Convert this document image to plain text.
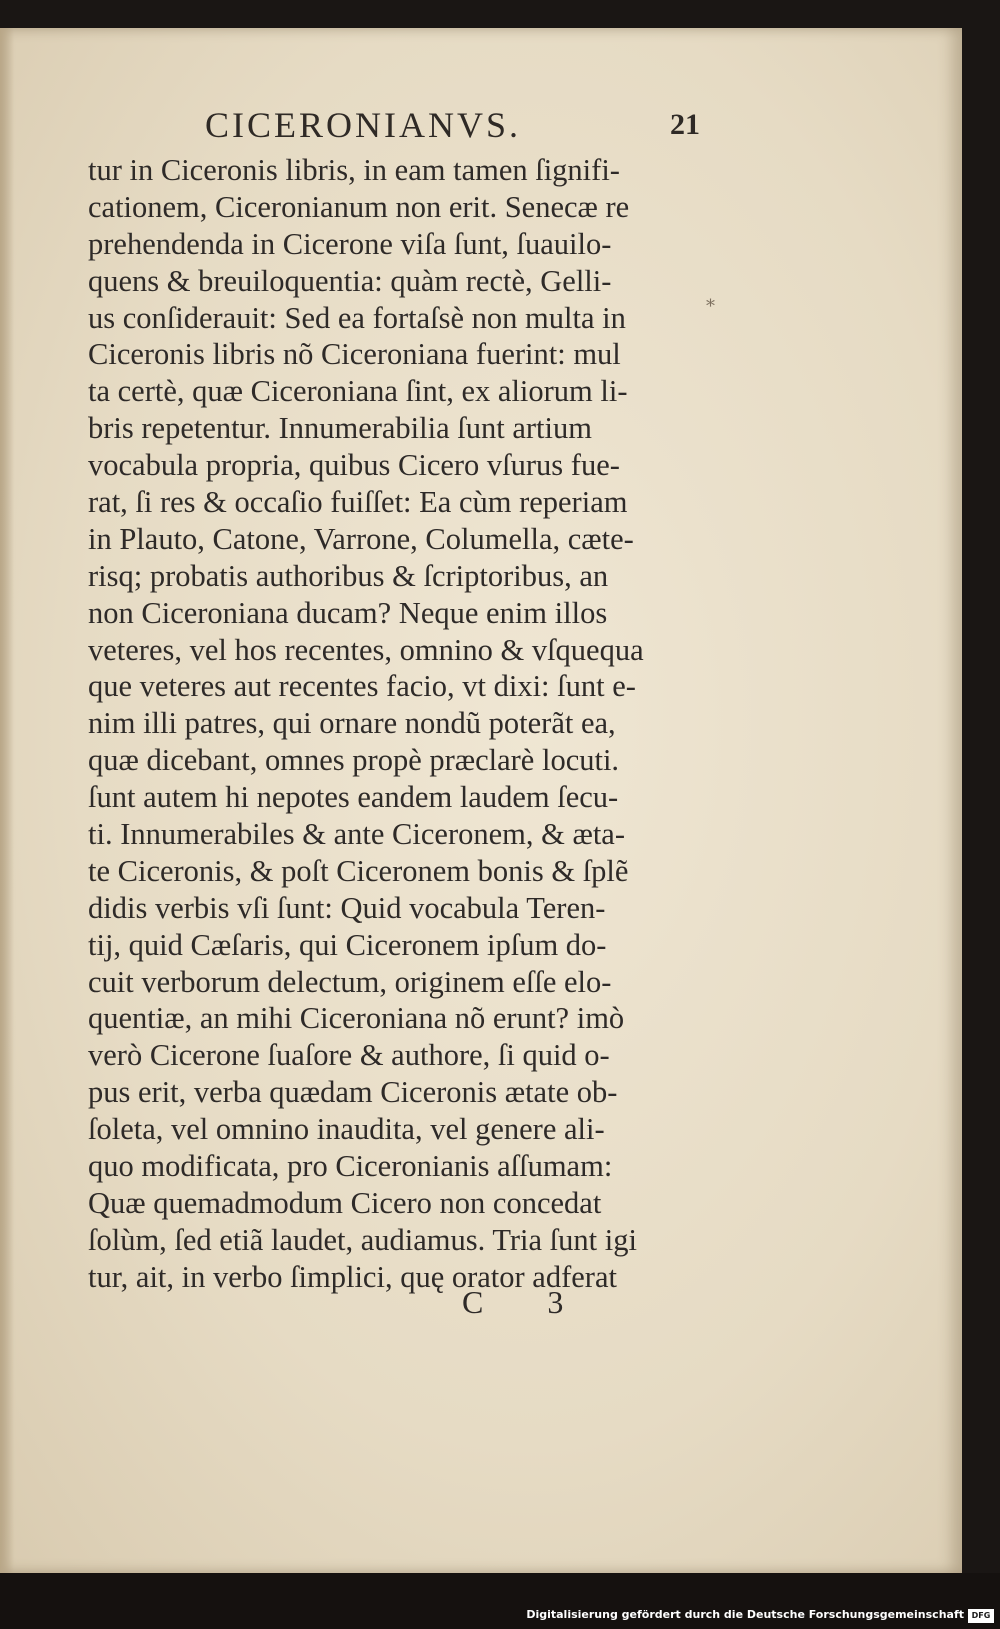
CICERONIANVS.	21
*
tur in Ciceronis libris, in eam tamen ſignifi-
cationem, Ciceronianum non erit. Senecæ re
prehendenda in Cicerone viſa ſunt, ſuauilo-
quens & breuiloquentia: quàm rectè, Gelli-
us conſiderauit: Sed ea fortaſsè non multa in
Ciceronis libris nõ Ciceroniana fuerint: mul
ta certè, quæ Ciceroniana ſint, ex aliorum li-
bris repetentur. Innumerabilia ſunt artium
vocabula propria, quibus Cicero vſurus fue-
rat, ſi res & occaſio fuiſſet: Ea cùm reperiam
in Plauto, Catone, Varrone, Columella, cæte-
risq; probatis authoribus & ſcriptoribus, an
non Ciceroniana ducam? Neque enim illos
veteres, vel hos recentes, omnino & vſquequa
que veteres aut recentes facio, vt dixi: ſunt e-
nim illi patres, qui ornare nondũ poterãt ea,
quæ dicebant, omnes propè præclarè locuti.
ſunt autem hi nepotes eandem laudem ſecu-
ti. Innumerabiles & ante Ciceronem, & æta-
te Ciceronis, & poſt Ciceronem bonis & ſplẽ
didis verbis vſi ſunt: Quid vocabula Teren-
tij, quid Cæſaris, qui Ciceronem ipſum do-
cuit verborum delectum, originem eſſe elo-
quentiæ, an mihi Ciceroniana nõ erunt? imò
verò Cicerone ſuaſore & authore, ſi quid o-
pus erit, verba quædam Ciceronis ætate ob-
ſoleta, vel omnino inaudita, vel genere ali-
quo modificata, pro Ciceronianis aſſumam:
Quæ quemadmodum Cicero non concedat
ſolùm, ſed etiã laudet, audiamus. Tria ſunt igi
tur, ait, in verbo ſimplici, quę orator adferat
C 3
Digitalisierung gefördert durch die Deutsche Forschungsgemeinschaft DFG
